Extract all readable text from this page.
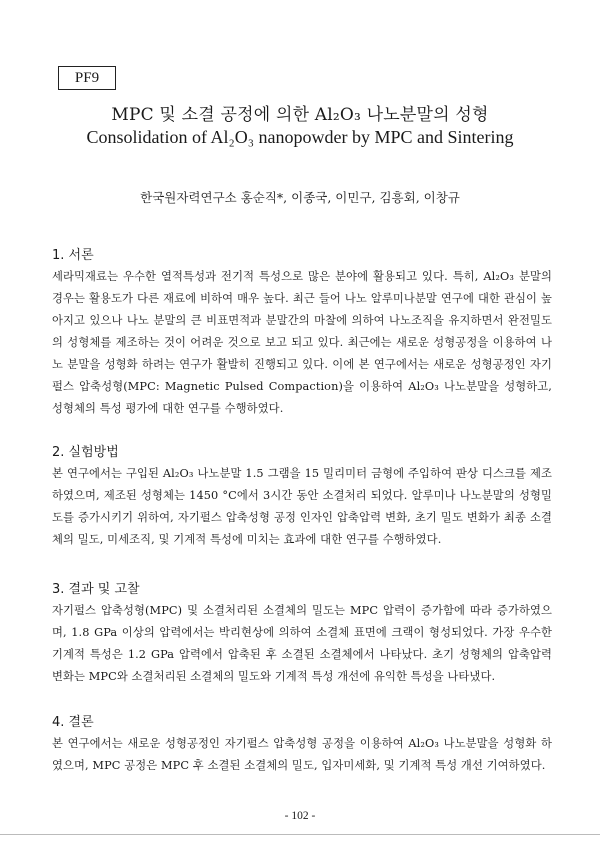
PF9
MPC 및 소결 공정에 의한 Al₂O₃ 나노분말의 성형
Consolidation of Al₂O₃ nanopowder by MPC and Sintering
한국원자력연구소 홍순직*, 이종국, 이민구, 김흥회, 이창규

1. 서론

세라믹재료는 우수한 열적특성과 전기적 특성으로 많은 분야에 활용되고 있다. 특히, Al₂O₃ 분말의 경우는 활용도가 다른 재료에 비하여 매우 높다. 최근 들어 나노 알루미나분말 연구에 대한 관심이 높아지고 있으나 나노 분말의 큰 비표면적과 분말간의 마찰에 의하여 나노조직을 유지하면서 완전밀도의 성형체를 제조하는 것이 어려운 것으로 보고 되고 있다. 최근에는 새로운 성형공정을 이용하여 나노 분말을 성형화 하려는 연구가 활발히 진행되고 있다. 이에 본 연구에서는 새로운 성형공정인 자기펄스 압축성형(MPC: Magnetic Pulsed Compaction)을 이용하여 Al₂O₃ 나노분말을 성형하고, 성형체의 특성 평가에 대한 연구를 수행하였다.

2. 실험방법

본 연구에서는 구입된 Al₂O₃ 나노분말 1.5 그램을 15 밀리미터 금형에 주입하여 판상 디스크를 제조하였으며, 제조된 성형체는 1450 °C에서 3시간 동안 소결처리 되었다. 알루미나 나노분말의 성형밀도를 증가시키기 위하여, 자기펄스 압축성형 공정 인자인 압축압력 변화, 초기 밀도 변화가 최종 소결체의 밀도, 미세조직, 및 기계적 특성에 미치는 효과에 대한 연구를 수행하였다.

3. 결과 및 고찰

자기펄스 압축성형(MPC) 및 소결처리된 소결체의 밀도는 MPC 압력이 증가함에 따라 증가하였으며, 1.8 GPa 이상의 압력에서는 박리현상에 의하여 소결체 표면에 크랙이 형성되었다. 가장 우수한 기계적 특성은 1.2 GPa 압력에서 압축된 후 소결된 소결체에서 나타났다. 초기 성형체의 압축압력 변화는 MPC와 소결처리된 소결체의 밀도와 기계적 특성 개선에 유익한 특성을 나타냈다.

4. 결론

본 연구에서는 새로운 성형공정인 자기펄스 압축성형 공정을 이용하여 Al₂O₃ 나노분말을 성형화 하였으며, MPC 공정은 MPC 후 소결된 소결체의 밀도, 입자미세화, 및 기계적 특성 개선 기여하였다.

- 102 -
